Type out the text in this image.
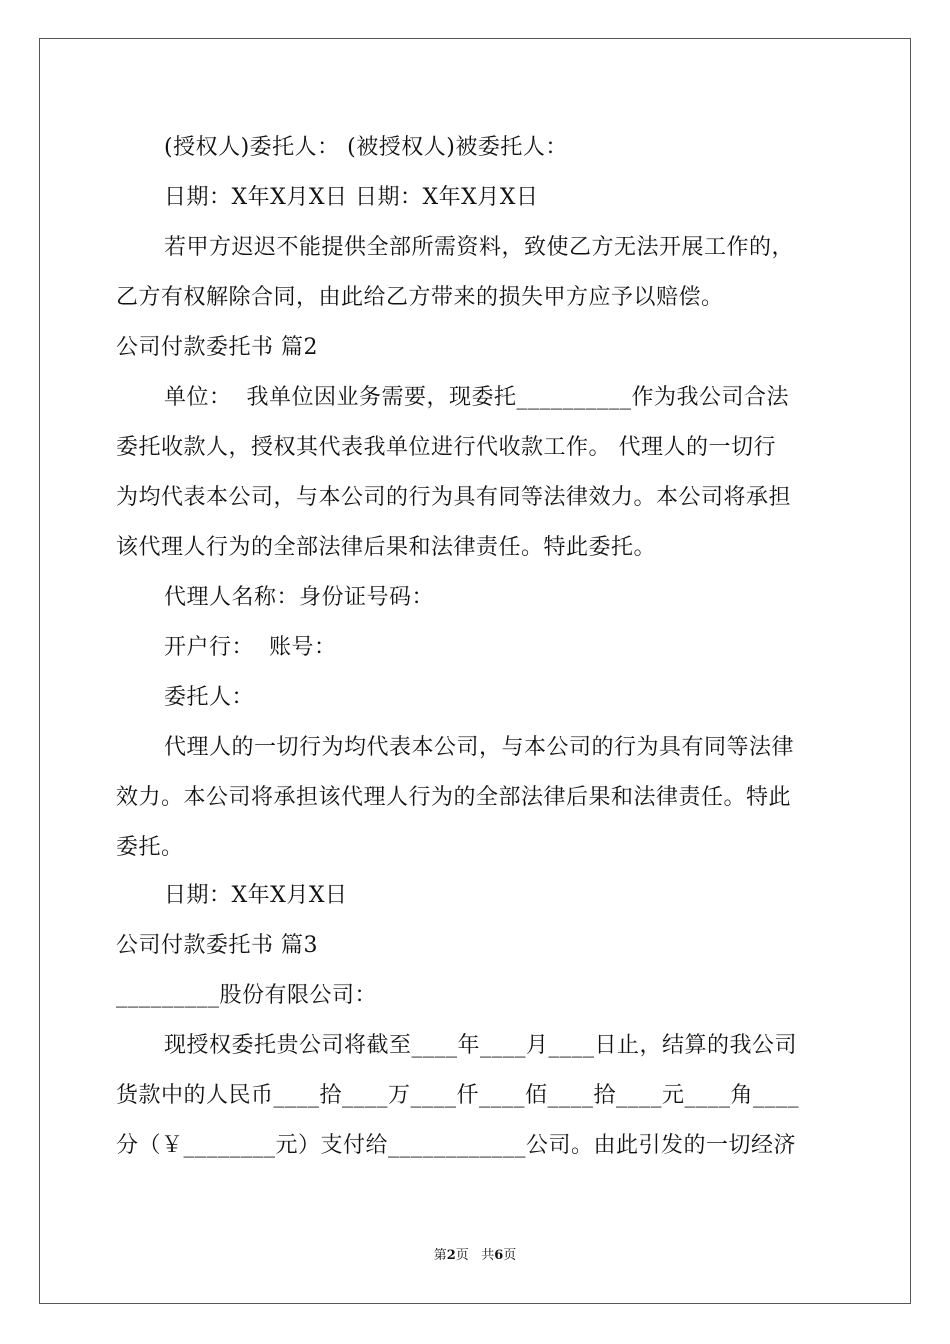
(授权人)委托人： (被授权人)被委托人：
日期：X年X月X日 日期：X年X月X日
若甲方迟迟不能提供全部所需资料，致使乙方无法开展工作的，
乙方有权解除合同，由此给乙方带来的损失甲方应予以赔偿。
公司付款委托书 篇2
单位：  我单位因业务需要，现委托__________作为我公司合法
委托收款人，授权其代表我单位进行代收款工作。 代理人的一切行
为均代表本公司，与本公司的行为具有同等法律效力。本公司将承担
该代理人行为的全部法律后果和法律责任。特此委托。
代理人名称：身份证号码：
开户行：  账号：
委托人：
代理人的一切行为均代表本公司，与本公司的行为具有同等法律
效力。本公司将承担该代理人行为的全部法律后果和法律责任。特此
委托。
日期：X年X月X日
公司付款委托书 篇3
_________股份有限公司：
现授权委托贵公司将截至____年____月____日止，结算的我公司
货款中的人民币____拾____万____仟____佰____拾____元____角____
分（￥________元）支付给____________公司。由此引发的一切经济
第2页   共6页
